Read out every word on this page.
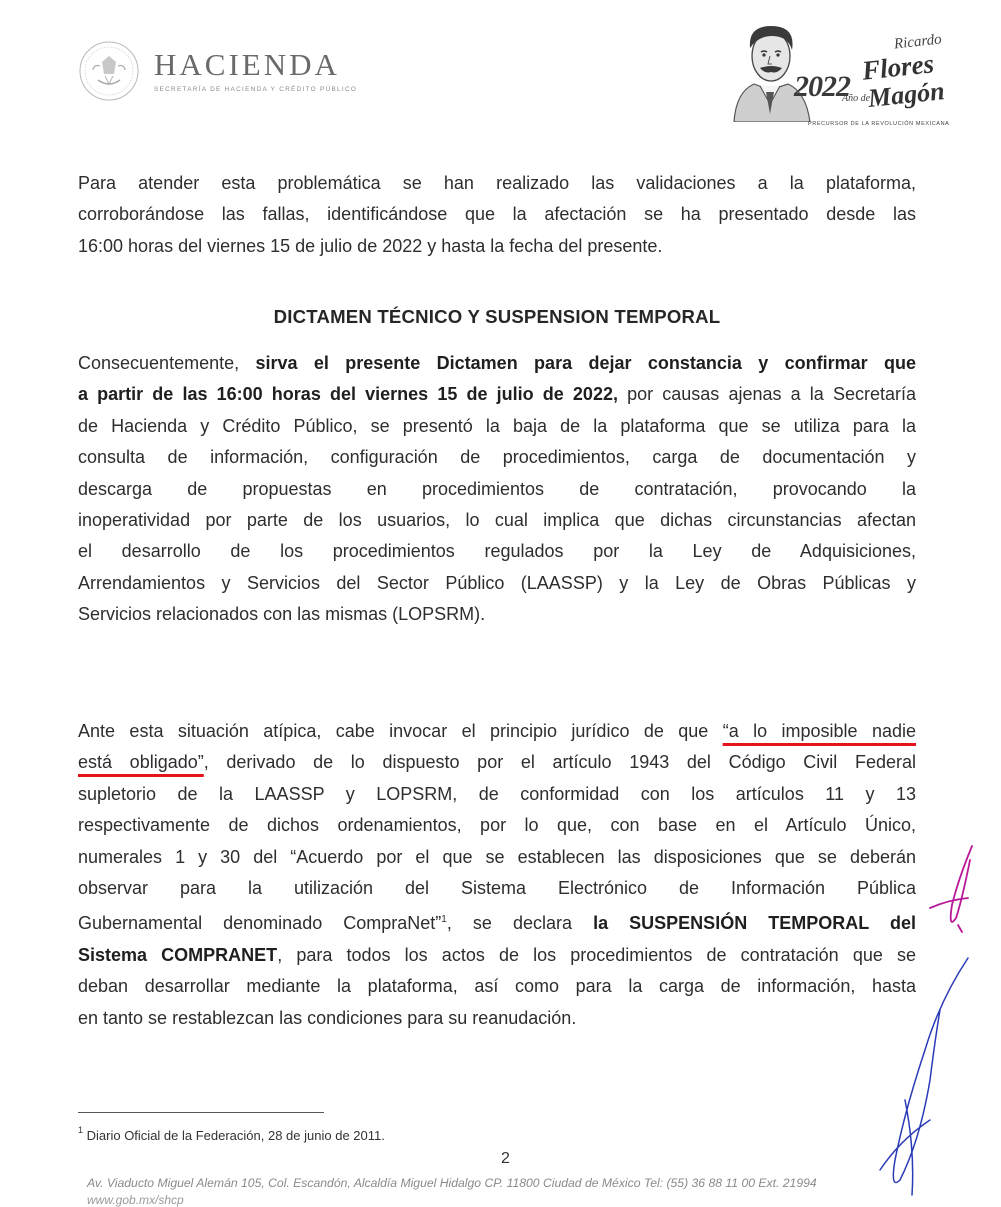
HACIENDA
SECRETARÍA DE HACIENDA Y CRÉDITO PÚBLICO
Ricardo
Flores
2022
Año de
Magón
PRECURSOR DE LA REVOLUCIÓN MEXICANA
Para atender esta problemática se han realizado las validaciones a la plataforma,
corroborándose las fallas, identificándose que la afectación se ha presentado desde las
16:00 horas del viernes 15 de julio de 2022 y hasta la fecha del presente.
DICTAMEN TÉCNICO Y SUSPENSION TEMPORAL
Consecuentemente, sirva el presente Dictamen para dejar constancia y confirmar que
a partir de las 16:00 horas del viernes 15 de julio de 2022, por causas ajenas a la Secretaría
de Hacienda y Crédito Público, se presentó la baja de la plataforma que se utiliza para la
consulta de información, configuración de procedimientos, carga de documentación y
descarga de propuestas en procedimientos de contratación, provocando la
inoperatividad por parte de los usuarios, lo cual implica que dichas circunstancias afectan
el desarrollo de los procedimientos regulados por la Ley de Adquisiciones,
Arrendamientos y Servicios del Sector Público (LAASSP) y la Ley de Obras Públicas y
Servicios relacionados con las mismas (LOPSRM).
Ante esta situación atípica, cabe invocar el principio jurídico de que “a lo imposible nadie
está obligado”, derivado de lo dispuesto por el artículo 1943 del Código Civil Federal
supletorio de la LAASSP y LOPSRM, de conformidad con los artículos 11 y 13
respectivamente de dichos ordenamientos, por lo que, con base en el Artículo Único,
numerales 1 y 30 del “Acuerdo por el que se establecen las disposiciones que se deberán
observar para la utilización del Sistema Electrónico de Información Pública
Gubernamental denominado CompraNet”$^1$, se declara la SUSPENSIÓN TEMPORAL del
Sistema COMPRANET, para todos los actos de los procedimientos de contratación que se
deban desarrollar mediante la plataforma, así como para la carga de información, hasta
en tanto se restablezcan las condiciones para su reanudación.
$^1$ Diario Oficial de la Federación, 28 de junio de 2011.
2
Av. Viaducto Miguel Alemán 105, Col. Escandón, Alcaldía Miguel Hidalgo CP. 11800 Ciudad de México Tel: (55) 36 88 11 00 Ext. 21994
www.gob.mx/shcp
